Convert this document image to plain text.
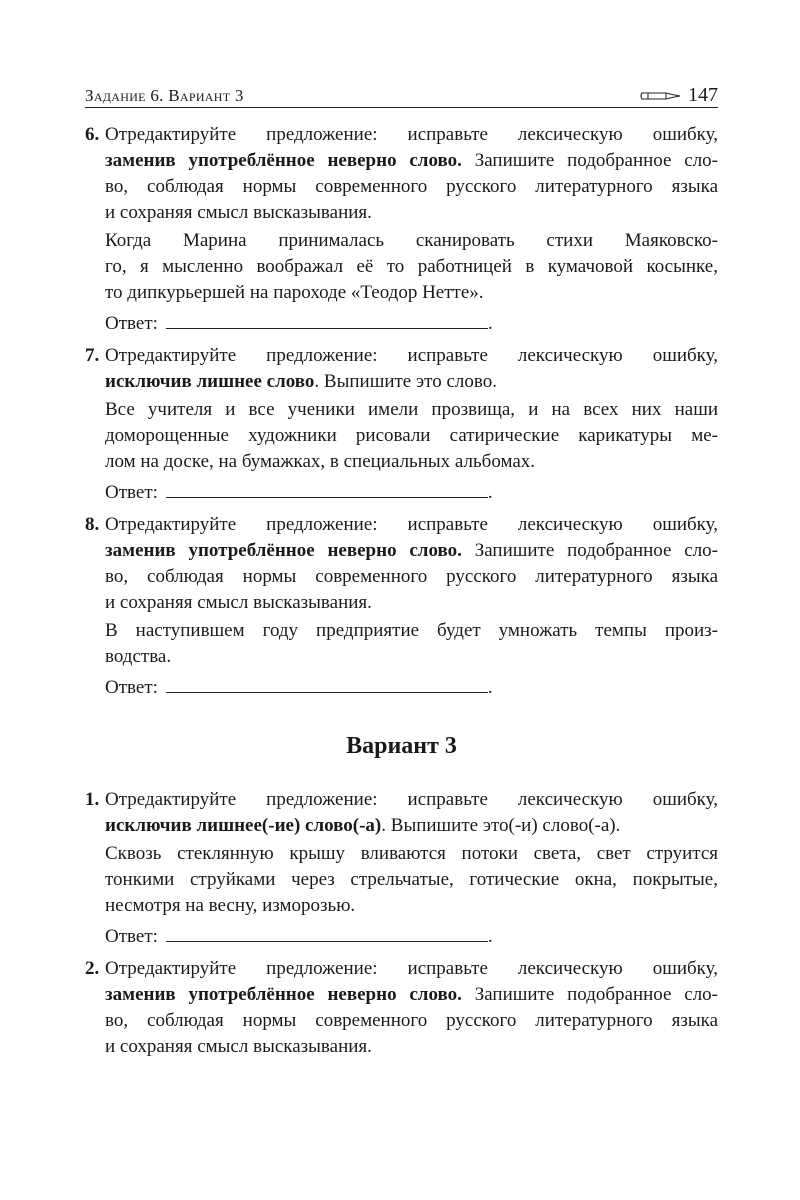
Задание 6. Вариант 3	147
6. Отредактируйте предложение: исправьте лексическую ошибку,
заменив употреблённое неверно слово. Запишите подобранное сло-
во, соблюдая нормы современного русского литературного языка
и сохраняя смысл высказывания.
Когда Марина принималась сканировать стихи Маяковско-
го, я мысленно воображал её то работницей в кумачовой косынке,
то дипкурьершей на пароходе «Теодор Нетте».
Ответ:	.
7. Отредактируйте предложение: исправьте лексическую ошибку,
исключив лишнее слово. Выпишите это слово.
Все учителя и все ученики имели прозвища, и на всех них наши
доморощенные художники рисовали сатирические карикатуры ме-
лом на доске, на бумажках, в специальных альбомах.
Ответ:	.
8. Отредактируйте предложение: исправьте лексическую ошибку,
заменив употреблённое неверно слово. Запишите подобранное сло-
во, соблюдая нормы современного русского литературного языка
и сохраняя смысл высказывания.
В наступившем году предприятие будет умножать темпы произ-
водства.
Ответ:	.
Вариант 3
1. Отредактируйте предложение: исправьте лексическую ошибку,
исключив лишнее(-ие) слово(-а). Выпишите это(-и) слово(-а).
Сквозь стеклянную крышу вливаются потоки света, свет струится
тонкими струйками через стрельчатые, готические окна, покрытые,
несмотря на весну, изморозью.
Ответ:	.
2. Отредактируйте предложение: исправьте лексическую ошибку,
заменив употреблённое неверно слово. Запишите подобранное сло-
во, соблюдая нормы современного русского литературного языка
и сохраняя смысл высказывания.
